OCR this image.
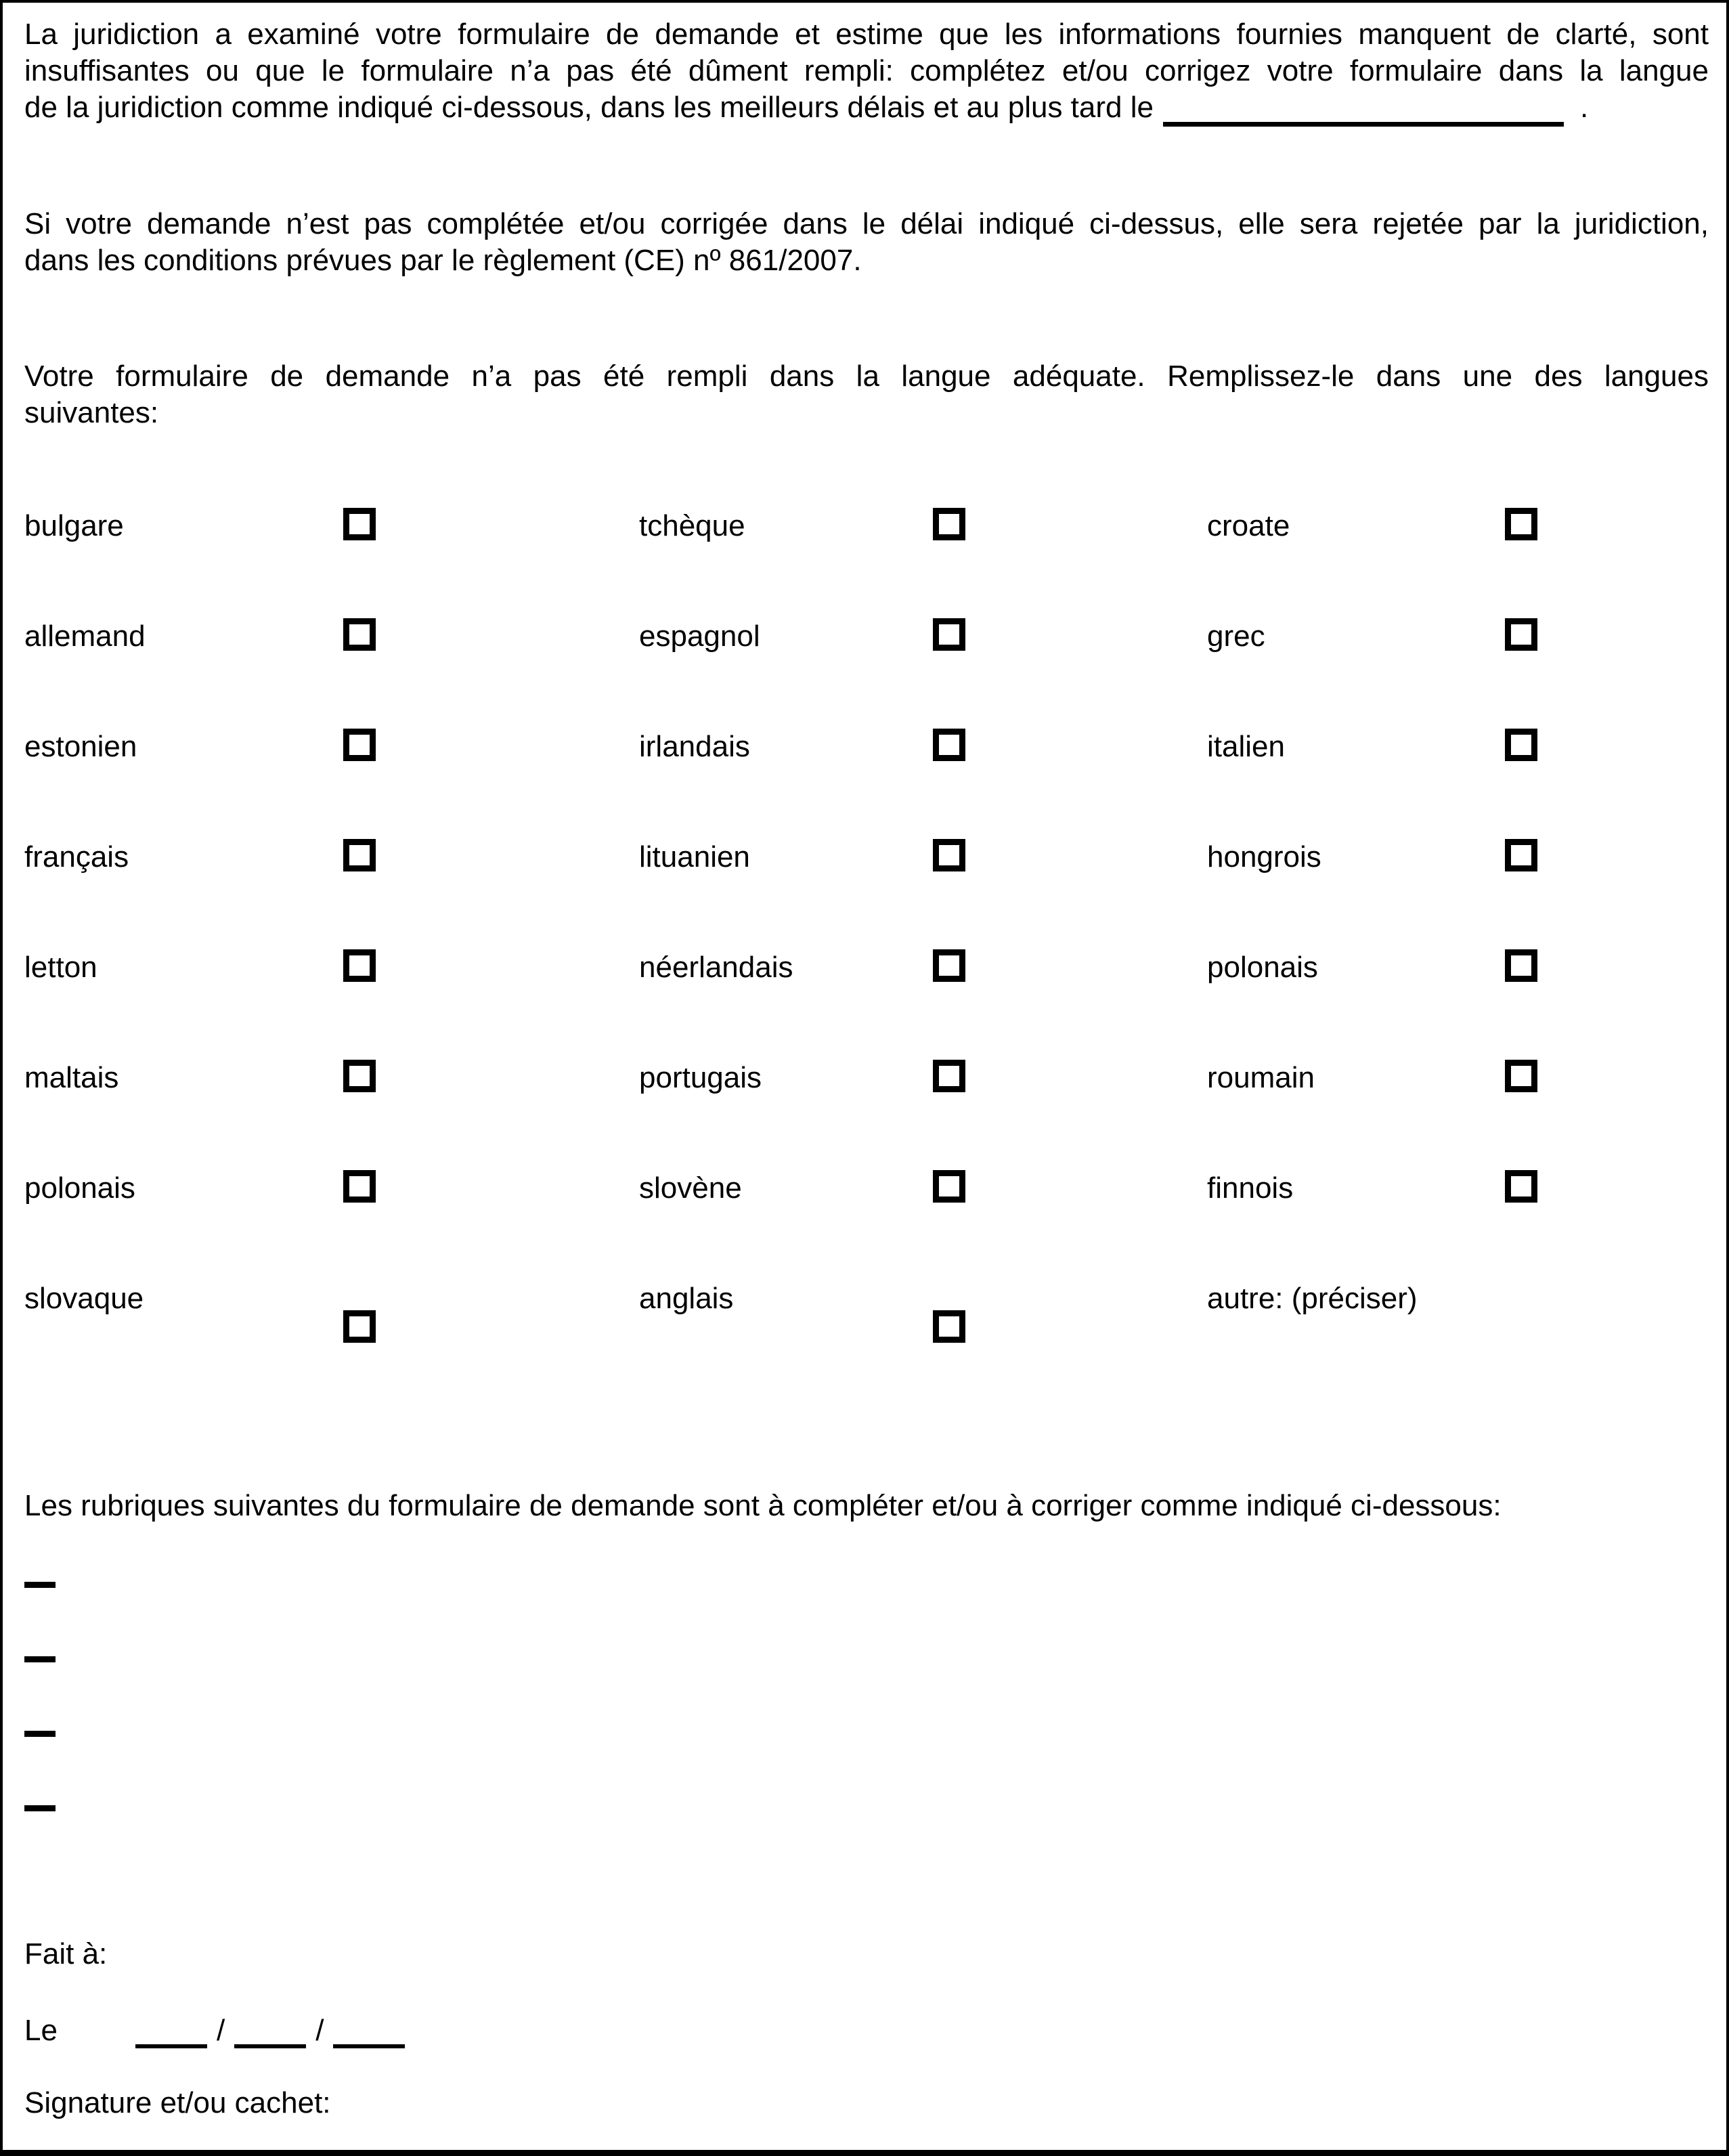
La juridiction a examiné votre formulaire de demande et estime que les informations fournies manquent de clarté, sont
insuffisantes ou que le formulaire n’a pas été dûment rempli: complétez et/ou corrigez votre formulaire dans la langue
de la juridiction comme indiqué ci-dessous, dans les meilleurs délais et au plus tard le	.

Si votre demande n’est pas complétée et/ou corrigée dans le délai indiqué ci-dessus, elle sera rejetée par la juridiction,
dans les conditions prévues par le règlement (CE) nº 861/2007.

Votre formulaire de demande n’a pas été rempli dans la langue adéquate. Remplissez-le dans une des langues
suivantes:

bulgare	tchèque	croate
allemand	espagnol	grec
estonien	irlandais	italien
français	lituanien	hongrois
letton	néerlandais	polonais
maltais	portugais	roumain
polonais	slovène	finnois
slovaque	anglais	autre: (préciser)

Les rubriques suivantes du formulaire de demande sont à compléter et/ou à corriger comme indiqué ci-dessous:

Fait à:

Le	/	/

Signature et/ou cachet:
